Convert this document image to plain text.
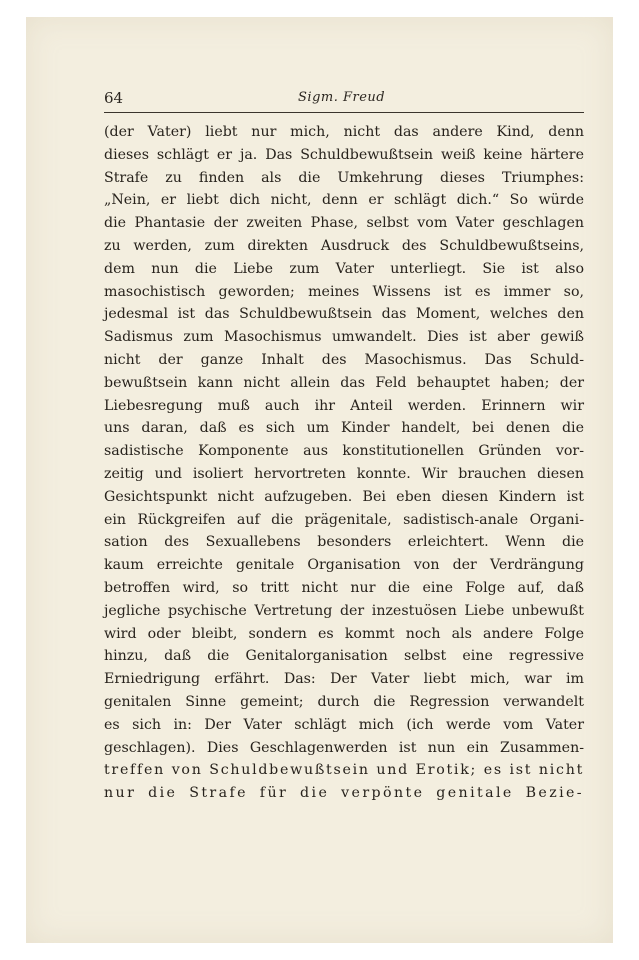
64	Sigm. Freud
(der Vater) liebt nur mich, nicht das andere Kind, denn
dieses schlägt er ja. Das Schuldbewußtsein weiß keine härtere
Strafe zu finden als die Umkehrung dieses Triumphes:
„Nein, er liebt dich nicht, denn er schlägt dich.“ So würde
die Phantasie der zweiten Phase, selbst vom Vater geschlagen
zu werden, zum direkten Ausdruck des Schuldbewußtseins,
dem nun die Liebe zum Vater unterliegt. Sie ist also
masochistisch geworden; meines Wissens ist es immer so,
jedesmal ist das Schuldbewußtsein das Moment, welches den
Sadismus zum Masochismus umwandelt. Dies ist aber gewiß
nicht der ganze Inhalt des Masochismus. Das Schuld-
bewußtsein kann nicht allein das Feld behauptet haben; der
Liebesregung muß auch ihr Anteil werden. Erinnern wir
uns daran, daß es sich um Kinder handelt, bei denen die
sadistische Komponente aus konstitutionellen Gründen vor-
zeitig und isoliert hervortreten konnte. Wir brauchen diesen
Gesichtspunkt nicht aufzugeben. Bei eben diesen Kindern ist
ein Rückgreifen auf die prägenitale, sadistisch-anale Organi-
sation des Sexuallebens besonders erleichtert. Wenn die
kaum erreichte genitale Organisation von der Verdrängung
betroffen wird, so tritt nicht nur die eine Folge auf, daß
jegliche psychische Vertretung der inzestuösen Liebe unbewußt
wird oder bleibt, sondern es kommt noch als andere Folge
hinzu, daß die Genitalorganisation selbst eine regressive
Erniedrigung erfährt. Das: Der Vater liebt mich, war im
genitalen Sinne gemeint; durch die Regression verwandelt
es sich in: Der Vater schlägt mich (ich werde vom Vater
geschlagen). Dies Geschlagenwerden ist nun ein Zusammen-
treffen von Schuldbewußtsein und Erotik; es ist nicht
nur die Strafe für die verpönte genitale Bezie-
